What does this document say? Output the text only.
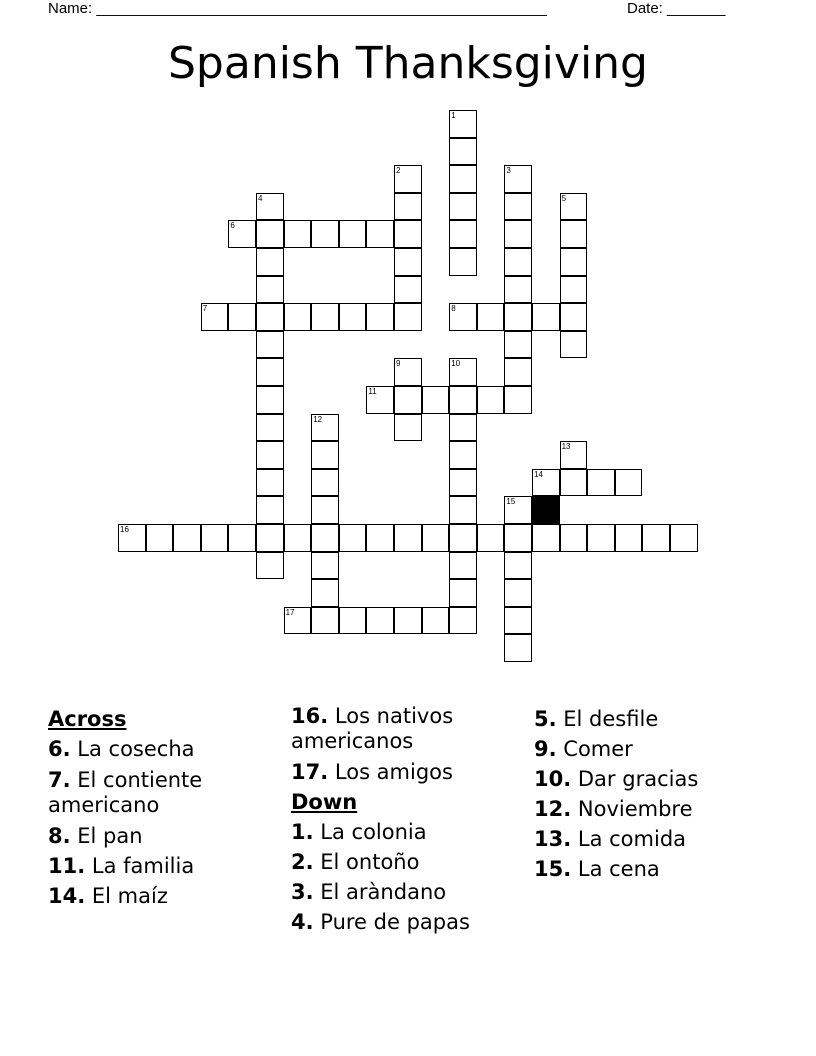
Name: ______________________________________________________	Date: _______
Spanish Thanksgiving
1
2	3
4	5
6
7	8
9	10
11
12
13
14
15
16
17
Across
6. La cosecha
7. El contiente americano
8. El pan
11. La familia
14. El maíz
16. Los nativos americanos
17. Los amigos
Down
1. La colonia
2. El ontoño
3. El aràndano
4. Pure de papas
5. El desfile
9. Comer
10. Dar gracias
12. Noviembre
13. La comida
15. La cena
